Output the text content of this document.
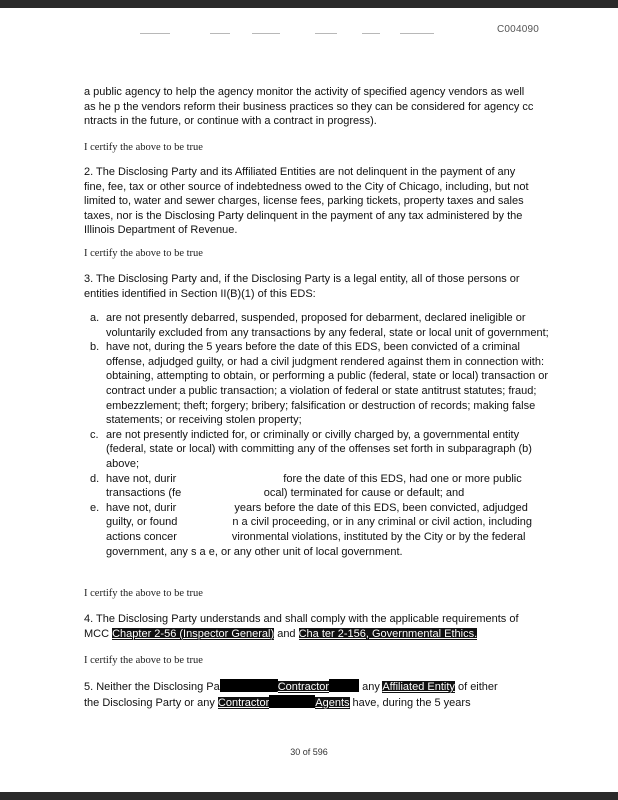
C004090
a public agency to help the agency monitor the activity of specified agency vendors as well as he p the vendors reform their business practices so they can be considered for agency cc ntracts in the future, or continue with a contract in progress).
I certify the above to be true
2. The Disclosing Party and its Affiliated Entities are not delinquent in the payment of any fine, fee, tax or other source of indebtedness owed to the City of Chicago, including, but not limited to, water and sewer charges, license fees, parking tickets, property taxes and sales taxes, nor is the Disclosing Party delinquent in the payment of any tax administered by the Illinois Department of Revenue.
I certify the above to be true
3. The Disclosing Party and, if the Disclosing Party is a legal entity, all of those persons or entities identified in Section II(B)(1) of this EDS:
a. are not presently debarred, suspended, proposed for debarment, declared ineligible or voluntarily excluded from any transactions by any federal, state or local unit of government;
b. have not, during the 5 years before the date of this EDS, been convicted of a criminal offense, adjudged guilty, or had a civil judgment rendered against them in connection with: obtaining, attempting to obtain, or performing a public (federal, state or local) transaction or contract under a public transaction; a violation of federal or state antitrust statutes; fraud; embezzlement; theft; forgery; bribery; falsification or destruction of records; making false statements; or receiving stolen property;
c. are not presently indicted for, or criminally or civilly charged by, a governmental entity (federal, state or local) with committing any of the offenses set forth in subparagraph (b) above;
d. have not, durir                                   fore the date of this EDS, had one or more public transactions (fe                           ocal) terminated for cause or default; and
e. have not, durir                   years before the date of this EDS, been convicted, adjudged guilty, or found                  n a civil proceeding, or in any criminal or civil action, including actions concer                  vironmental violations, instituted by the City or by the federal government, any s a e, or any other unit of local government.
I certify the above to be true
4. The Disclosing Party understands and shall comply with the applicable requirements of MCC Chapter 2-56 (Inspector General) and Cha ter 2-156, Governmental Ethics.
I certify the above to be true
5. Neither the Disclosing Pa	Contractor	any Affiliated Entity of either
the Disclosing Party or any Contractor	Agents have, during the 5 years
30 of 596
